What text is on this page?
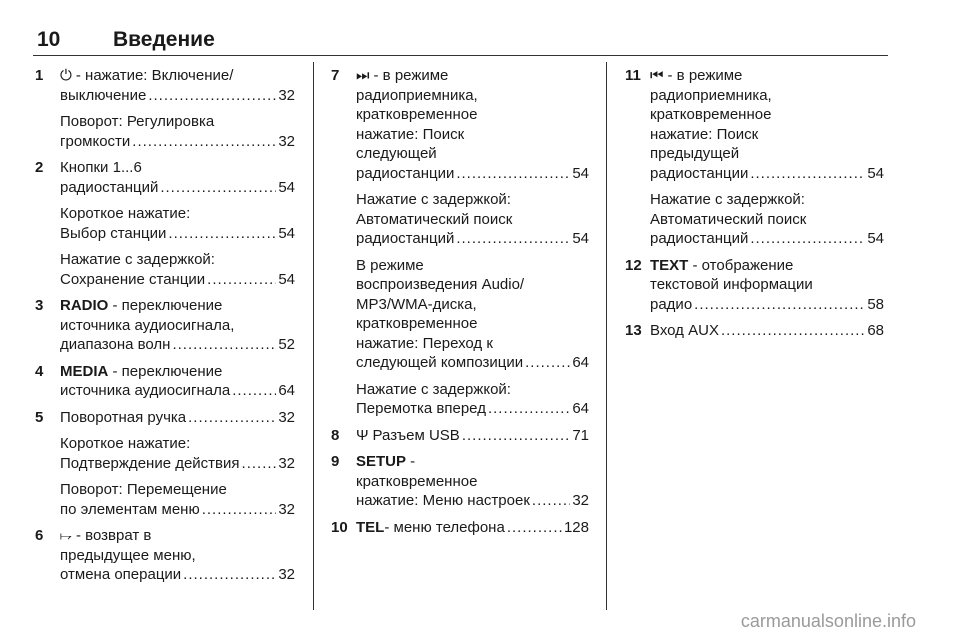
10	Введение
1 ⏻ - нажатие: Включение/
выключение .....	32
Поворот: Регулировка
громкости .....	32
2 Кнопки 1...6
радиостанций .....	54
Короткое нажатие:
Выбор станции .....	54
Нажатие с задержкой:
Сохранение станции .....	54
3 RADIO - переключение
источника аудиосигнала,
диапазона волн .....	52
4 MEDIA - переключение
источника аудиосигнала .....	64
5 Поворотная ручка .....	32
Короткое нажатие:
Подтверждение действия .....	32
Поворот: Перемещение
по элементам меню .....	32
6 ⥟ - возврат в
предыдущее меню,
отмена операции .....	32
7 ⏭ - в режиме
радиоприемника,
кратковременное
нажатие: Поиск
следующей
радиостанции .....	54
Нажатие с задержкой:
Автоматический поиск
радиостанций .....	54
В режиме
воспроизведения Audio/
MP3/WMA-диска,
кратковременное
нажатие: Переход к
следующей композиции .....	64
Нажатие с задержкой:
Перемотка вперед .....	64
8 Ψ Разъем USB .....	71
9 SETUP -
кратковременное
нажатие: Меню настроек .....	32
10 TEL - меню телефона .....	128
11 ⏮ - в режиме
радиоприемника,
кратковременное
нажатие: Поиск
предыдущей
радиостанции .....	54
Нажатие с задержкой:
Автоматический поиск
радиостанций .....	54
12 TEXT - отображение
текстовой информации
радио .....	58
13 Вход AUX .....	68
carmanualsonline.info
